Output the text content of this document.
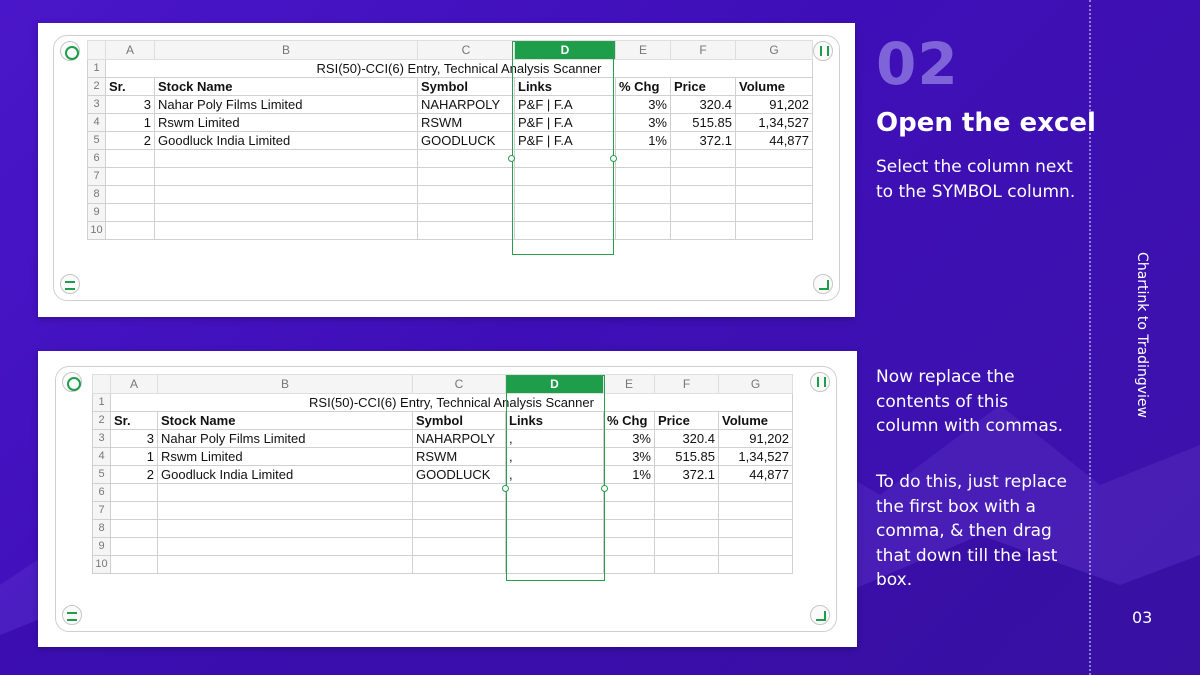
	A	B	C	D	E	F	G
1	RSI(50)-CCI(6) Entry, Technical Analysis Scanner						
2	Sr.	Stock Name	Symbol	Links	% Chg	Price	Volume
3	3	Nahar Poly Films Limited	NAHARPOLY	P&F | F.A	3%	320.4	91,202
4	1	Rswm Limited	RSWM	P&F | F.A	3%	515.85	1,34,527
5	2	Goodluck India Limited	GOODLUCK	P&F | F.A	1%	372.1	44,877
6							
7							
8							
9							
10							
	A	B	C	D	E	F	G
1	RSI(50)-CCI(6) Entry, Technical Analysis Scanner						
2	Sr.	Stock Name	Symbol	Links	% Chg	Price	Volume
3	3	Nahar Poly Films Limited	NAHARPOLY	,	3%	320.4	91,202
4	1	Rswm Limited	RSWM	,	3%	515.85	1,34,527
5	2	Goodluck India Limited	GOODLUCK	,	1%	372.1	44,877
6							
7							
8							
9							
10							
02
Open the excel
Select the column next to the SYMBOL column.
Now replace the contents of this column with commas.
To do this, just replace the first box with a comma, & then drag that down till the last box.
Chartink to Tradingview
03
